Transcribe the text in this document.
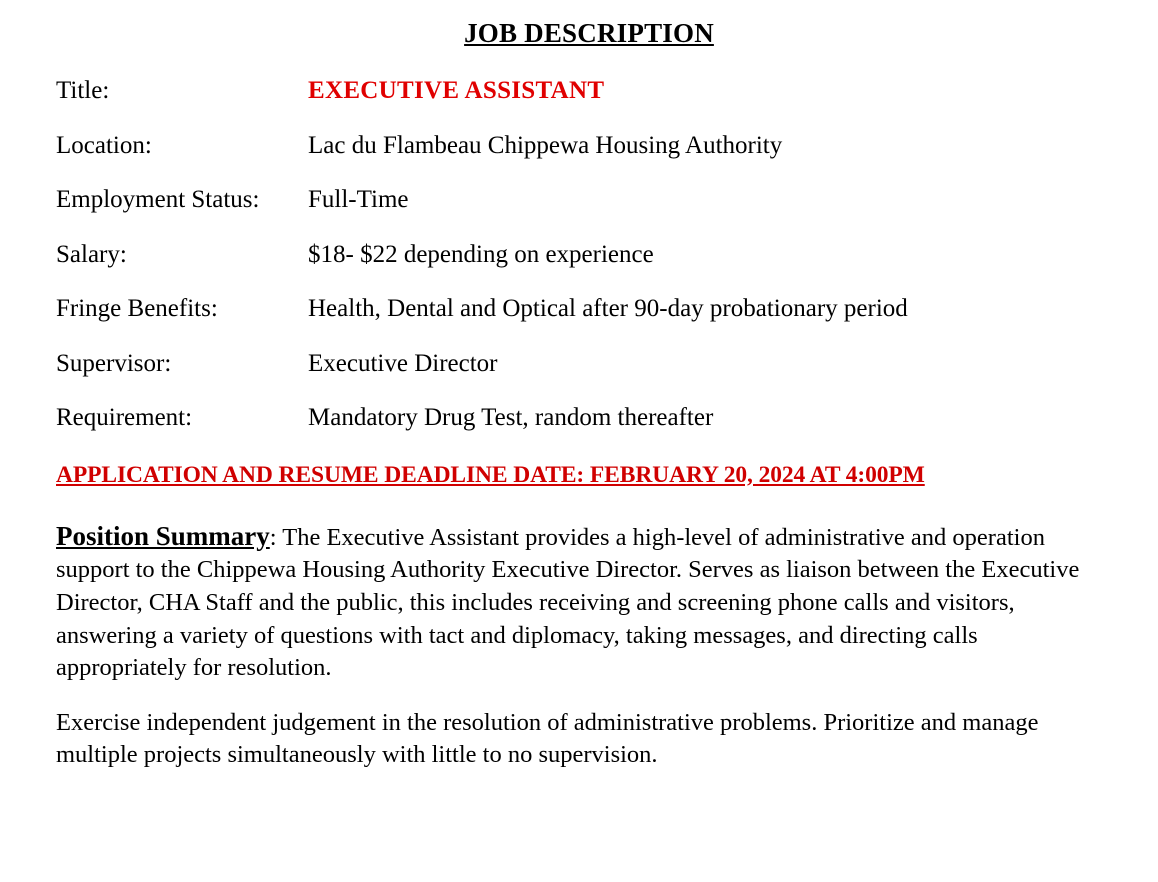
JOB DESCRIPTION
Title:	EXECUTIVE ASSISTANT
Location:	Lac du Flambeau Chippewa Housing Authority
Employment Status:	Full-Time
Salary:	$18- $22 depending on experience
Fringe Benefits:	Health, Dental and Optical after 90-day probationary period
Supervisor:	Executive Director
Requirement:	Mandatory Drug Test, random thereafter
APPLICATION AND RESUME DEADLINE DATE: FEBRUARY 20, 2024 AT 4:00PM
Position Summary: The Executive Assistant provides a high-level of administrative and operation support to the Chippewa Housing Authority Executive Director. Serves as liaison between the Executive Director, CHA Staff and the public, this includes receiving and screening phone calls and visitors, answering a variety of questions with tact and diplomacy, taking messages, and directing calls appropriately for resolution.
Exercise independent judgement in the resolution of administrative problems. Prioritize and manage multiple projects simultaneously with little to no supervision.
